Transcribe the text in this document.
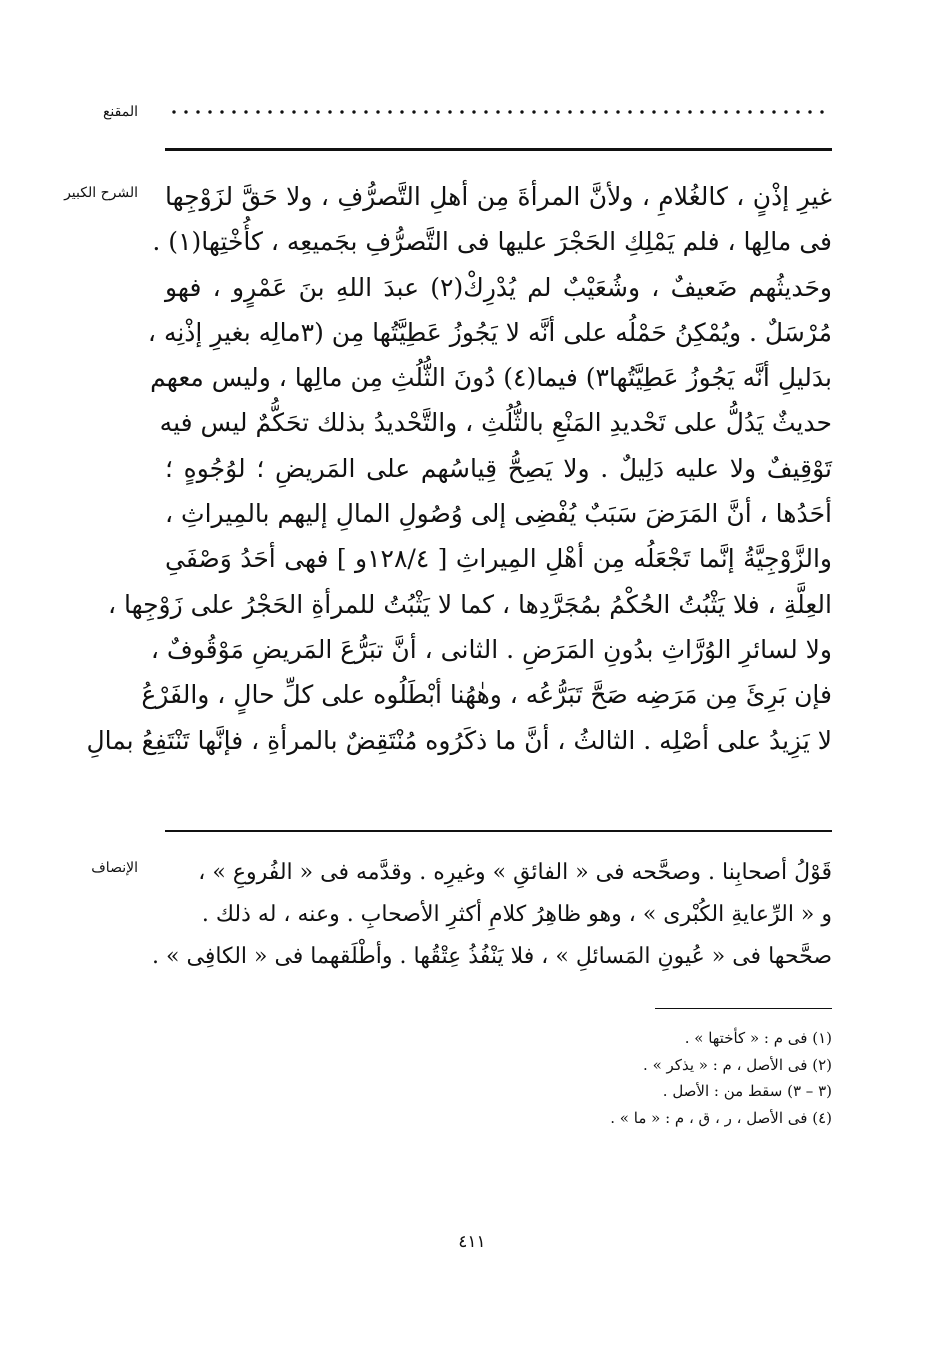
المقنع
الشرح الكبير غيرِ إذْنٍ ، كالغُلامِ ، ولأنَّ المرأةَ مِن أهلِ التَّصرُّفِ ، ولا حَقَّ لزَوْجِها
فى مالِها ، فلم يَمْلِكِ الحَجْرَ عليها فى التَّصرُّفِ بجَميعِه ، كأُخْتِها(١) .
وحَديثُهم ضَعيفٌ ، وشُعَيْبٌ لم يُدْرِكْ(٢) عبدَ اللهِ بنَ عَمْرٍو ، فهو
مُرْسَلٌ . ويُمْكِنُ حَمْلُه على أنَّه لا يَجُوزُ عَطِيَّتُها مِن (٣مالِه بغيرِ إذْنِه ،
بدَليلِ أنَّه يَجُوزُ عَطِيَّتُها٣) فيما(٤) دُونَ الثُّلُثِ مِن مالِها ، وليس معهم
حديثٌ يَدُلُّ على تَحْديدِ المَنْعِ بالثُّلُثِ ، والتَّحْديدُ بذلك تحَكُّمٌ ليس فيه
تَوْقِيفٌ ولا عليه دَلِيلٌ . ولا يَصِحُّ قِياسُهم على المَريضِ ؛ لوُجُوهٍ ؛
أحَدُها ، أنَّ المَرَضَ سَبَبٌ يُفْضِى إلى وُصُولِ المالِ إليهم بالمِيراثِ ،
والزَّوْجِيَّةُ إنَّما تَجْعَلُه مِن أهْلِ المِيراثِ [ ١٢٨/٤و ] فهى أحَدُ وَصْفَىِ
العِلَّةِ ، فلا يَثْبُتُ الحُكْمُ بمُجَرَّدِها ، كما لا يَثْبُتُ للمرأةِ الحَجْرُ على زَوْجِها ،
ولا لسائرِ الوُرَّاثِ بدُونِ المَرَضِ . الثانى ، أنَّ تبَرُّعَ المَريضِ مَوْقُوفٌ ،
فإن بَرِئَ مِن مَرَضِه صَحَّ تَبَرُّعُه ، وهٰهُنا أبْطَلُوه على كلِّ حالٍ ، والفَرْعُ
لا يَزِيدُ على أصْلِه . الثالثُ ، أنَّ ما ذكَرُوه مُنْتَقِضٌ بالمرأةِ ، فإنَّها تَنْتَفِعُ بمالِ
الإنصاف	قَوْلُ أصحابِنا . وصحَّحه فى « الفائقِ » وغيرِه . وقدَّمه فى « الفُروعِ » ،
و « الرِّعايةِ الكُبْرى » ، وهو ظاهِرُ كلامِ أكثرِ الأصحابِ . وعنه ، له ذلك .
صحَّحها فى « عُيونِ المَسائلِ » ، فلا يَنْفُذُ عِتْقُها . وأطْلَقهما فى « الكافِى » .
(١) فى م : « كأختها » .
(٢) فى الأصل ، م : « يذكر » .
(٣ – ٣) سقط من : الأصل .
(٤) فى الأصل ، ر ، ق ، م : « ما » .
٤١١
